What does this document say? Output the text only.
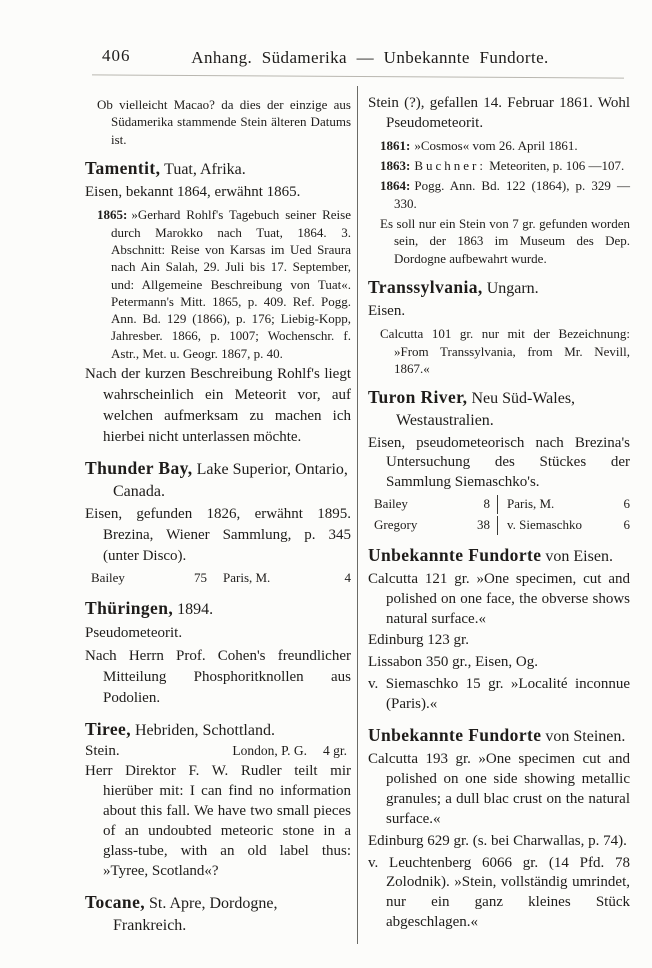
406	Anhang. Südamerika — Unbekannte Fundorte.

Ob vielleicht Macao? da dies der einzige aus Südamerika stammende Stein älteren Datums ist.

Tamentit, Tuat, Afrika.

Eisen, bekannt 1864, erwähnt 1865.

1865: »Gerhard Rohlf's Tagebuch seiner Reise durch Marokko nach Tuat, 1864. 3. Abschnitt: Reise von Karsas im Ued Sraura nach Ain Salah, 29. Juli bis 17. September, und: Allgemeine Beschreibung von Tuat«. Petermann's Mitt. 1865, p. 409. Ref. Pogg. Ann. Bd. 129 (1866), p. 176; Liebig-Kopp, Jahresber. 1866, p. 1007; Wochenschr. f. Astr., Met. u. Geogr. 1867, p. 40.

Nach der kurzen Beschreibung Rohlf's liegt wahrscheinlich ein Meteorit vor, auf welchen aufmerksam zu machen ich hierbei nicht unterlassen möchte.

Thunder Bay, Lake Superior, Ontario, Canada.

Eisen, gefunden 1826, erwähnt 1895. Brezina, Wiener Sammlung, p. 345 (unter Disco).

Bailey	75	Paris, M.	4

Thüringen, 1894.

Pseudometeorit.

Nach Herrn Prof. Cohen's freundlicher Mitteilung Phosphoritknollen aus Podolien.

Tiree, Hebriden, Schottland.

Stein.	London, P. G. 4 gr.

Herr Direktor F. W. Rudler teilt mir hierüber mit: I can find no information about this fall. We have two small pieces of an undoubted meteoric stone in a glass-tube, with an old label thus: »Tyree, Scotland«?

Tocane, St. Apre, Dordogne, Frankreich.

Stein (?), gefallen 14. Februar 1861. Wohl Pseudometeorit.

1861: »Cosmos« vom 26. April 1861.

1863: Buchner: Meteoriten, p. 106 —107.

1864: Pogg. Ann. Bd. 122 (1864), p. 329 —330.

Es soll nur ein Stein von 7 gr. gefunden worden sein, der 1863 im Museum des Dep. Dordogne aufbewahrt wurde.

Transsylvania, Ungarn.

Eisen.

Calcutta 101 gr. nur mit der Bezeichnung: »From Transsylvania, from Mr. Nevill, 1867.«

Turon River, Neu Süd-Wales, Westaustralien.

Eisen, pseudometeorisch nach Brezina's Untersuchung des Stückes der Sammlung Siemaschko's.

Bailey	8	Paris, M.	6
Gregory	38	v. Siemaschko	6

Unbekannte Fundorte von Eisen.

Calcutta 121 gr. »One specimen, cut and polished on one face, the obverse shows natural surface.«

Edinburg 123 gr.

Lissabon 350 gr., Eisen, Og.

v. Siemaschko 15 gr. »Localité inconnue (Paris).«

Unbekannte Fundorte von Steinen.

Calcutta 193 gr. »One specimen cut and polished on one side showing metallic granules; a dull blac crust on the natural surface.«

Edinburg 629 gr. (s. bei Charwallas, p. 74).

v. Leuchtenberg 6066 gr. (14 Pfd. 78 Zolodnik). »Stein, vollständig umrindet, nur ein ganz kleines Stück abgeschlagen.«
